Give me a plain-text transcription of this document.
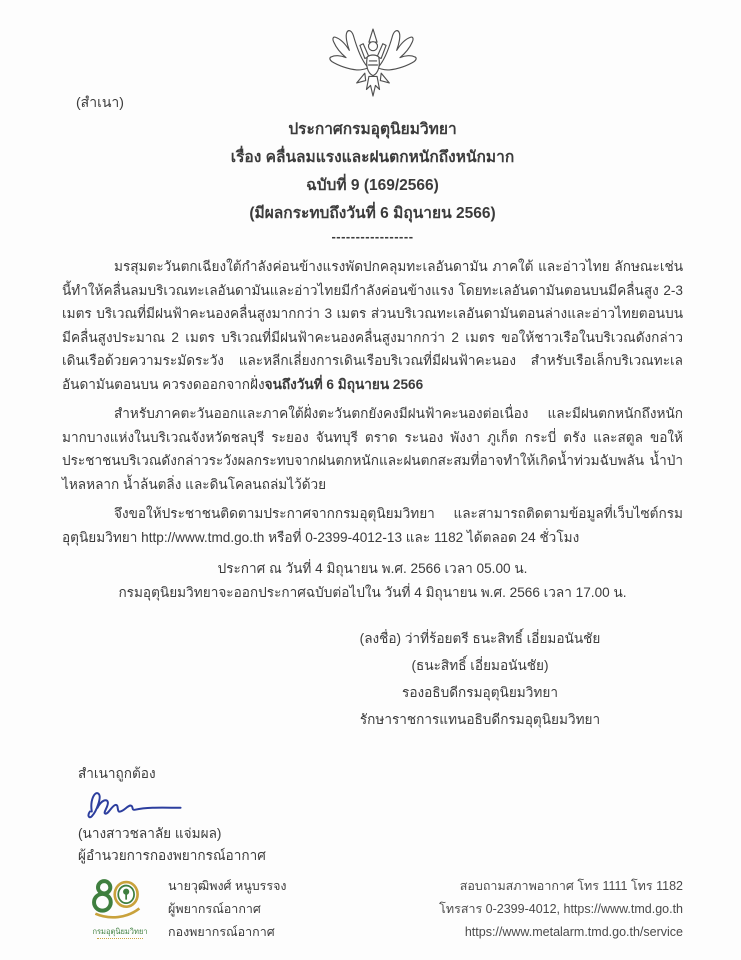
(สำเนา)
ประกาศกรมอุตุนิยมวิทยา
เรื่อง คลื่นลมแรงและฝนตกหนักถึงหนักมาก
ฉบับที่ 9 (169/2566)
(มีผลกระทบถึงวันที่ 6 มิถุนายน 2566)
-----------------

มรสุมตะวันตกเฉียงใต้กำลังค่อนข้างแรงพัดปกคลุมทะเลอันดามัน ภาคใต้ และอ่าวไทย ลักษณะเช่นนี้ทำให้คลื่นลมบริเวณทะเลอันดามันและอ่าวไทยมีกำลังค่อนข้างแรง โดยทะเลอันดามันตอนบนมีคลื่นสูง 2-3 เมตร บริเวณที่มีฝนฟ้าคะนองคลื่นสูงมากกว่า 3 เมตร ส่วนบริเวณทะเลอันดามันตอนล่างและอ่าวไทยตอนบนมีคลื่นสูงประมาณ 2 เมตร บริเวณที่มีฝนฟ้าคะนองคลื่นสูงมากกว่า 2 เมตร ขอให้ชาวเรือในบริเวณดังกล่าวเดินเรือด้วยความระมัดระวัง และหลีกเลี่ยงการเดินเรือบริเวณที่มีฝนฟ้าคะนอง สำหรับเรือเล็กบริเวณทะเลอันดามันตอนบน ควรงดออกจากฝั่งจนถึงวันที่ 6 มิถุนายน 2566

สำหรับภาคตะวันออกและภาคใต้ฝั่งตะวันตกยังคงมีฝนฟ้าคะนองต่อเนื่อง และมีฝนตกหนักถึงหนักมากบางแห่งในบริเวณจังหวัดชลบุรี ระยอง จันทบุรี ตราด ระนอง พังงา ภูเก็ต กระบี่ ตรัง และสตูล ขอให้ประชาชนบริเวณดังกล่าวระวังผลกระทบจากฝนตกหนักและฝนตกสะสมที่อาจทำให้เกิดน้ำท่วมฉับพลัน น้ำป่าไหลหลาก น้ำล้นตลิ่ง และดินโคลนถล่มไว้ด้วย

จึงขอให้ประชาชนติดตามประกาศจากกรมอุตุนิยมวิทยา และสามารถติดตามข้อมูลที่เว็บไซต์กรมอุตุนิยมวิทยา http://www.tmd.go.th หรือที่ 0-2399-4012-13 และ 1182 ได้ตลอด 24 ชั่วโมง

ประกาศ ณ วันที่ 4 มิถุนายน พ.ศ. 2566 เวลา 05.00 น.
กรมอุตุนิยมวิทยาจะออกประกาศฉบับต่อไปใน วันที่ 4 มิถุนายน พ.ศ. 2566 เวลา 17.00 น.
(ลงชื่อ) ว่าที่ร้อยตรี ธนะสิทธิ์ เอี่ยมอนันชัย
(ธนะสิทธิ์ เอี่ยมอนันชัย)
รองอธิบดีกรมอุตุนิยมวิทยา
รักษาราชการแทนอธิบดีกรมอุตุนิยมวิทยา
สำเนาถูกต้อง
(นางสาวชลาลัย แจ่มผล)
ผู้อำนวยการกองพยากรณ์อากาศ
กรมอุตุนิยมวิทยา
นายวุฒิพงศ์ หนูบรรจง
ผู้พยากรณ์อากาศ
กองพยากรณ์อากาศ
สอบถามสภาพอากาศ โทร 1111 โทร 1182
โทรสาร 0-2399-4012, https://www.tmd.go.th
https://www.metalarm.tmd.go.th/service
